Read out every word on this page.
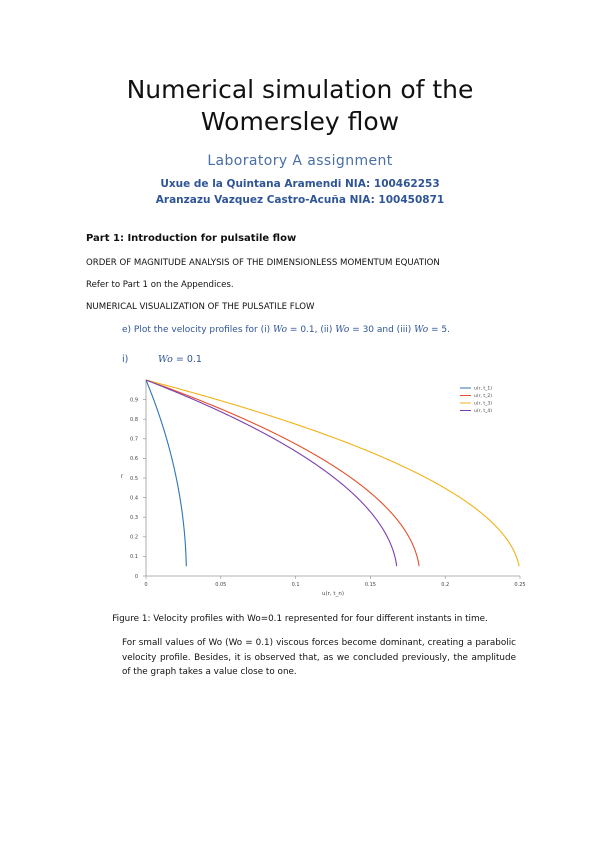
Numerical simulation of the
Womersley flow
Laboratory A assignment
Uxue de la Quintana Aramendi NIA: 100462253
Aranzazu Vazquez Castro-Acuña NIA: 100450871
Part 1: Introduction for pulsatile flow
ORDER OF MAGNITUDE ANALYSIS OF THE DIMENSIONLESS MOMENTUM EQUATION
Refer to Part 1 on the Appendices.
NUMERICAL VISUALIZATION OF THE PULSATILE FLOW
e) Plot the velocity profiles for (i) Wo = 0.1, (ii) Wo = 30 and (iii) Wo = 5.
i)	Wo = 0.1
0	0.05	0.1	0.15	0.2	0.25
0
0.1
0.2
0.3
0.4
0.5
0.6
0.7
0.8
0.9
u(r, t_n)
r
u(r, t_1)
u(r, t_2)
u(r, t_3)
u(r, t_4)
Figure 1: Velocity profiles with Wo=0.1 represented for four different instants in time.
For small values of Wo (Wo = 0.1) viscous forces become dominant, creating a parabolic velocity profile. Besides, it is observed that, as we concluded previously, the amplitude of the graph takes a value close to one.
